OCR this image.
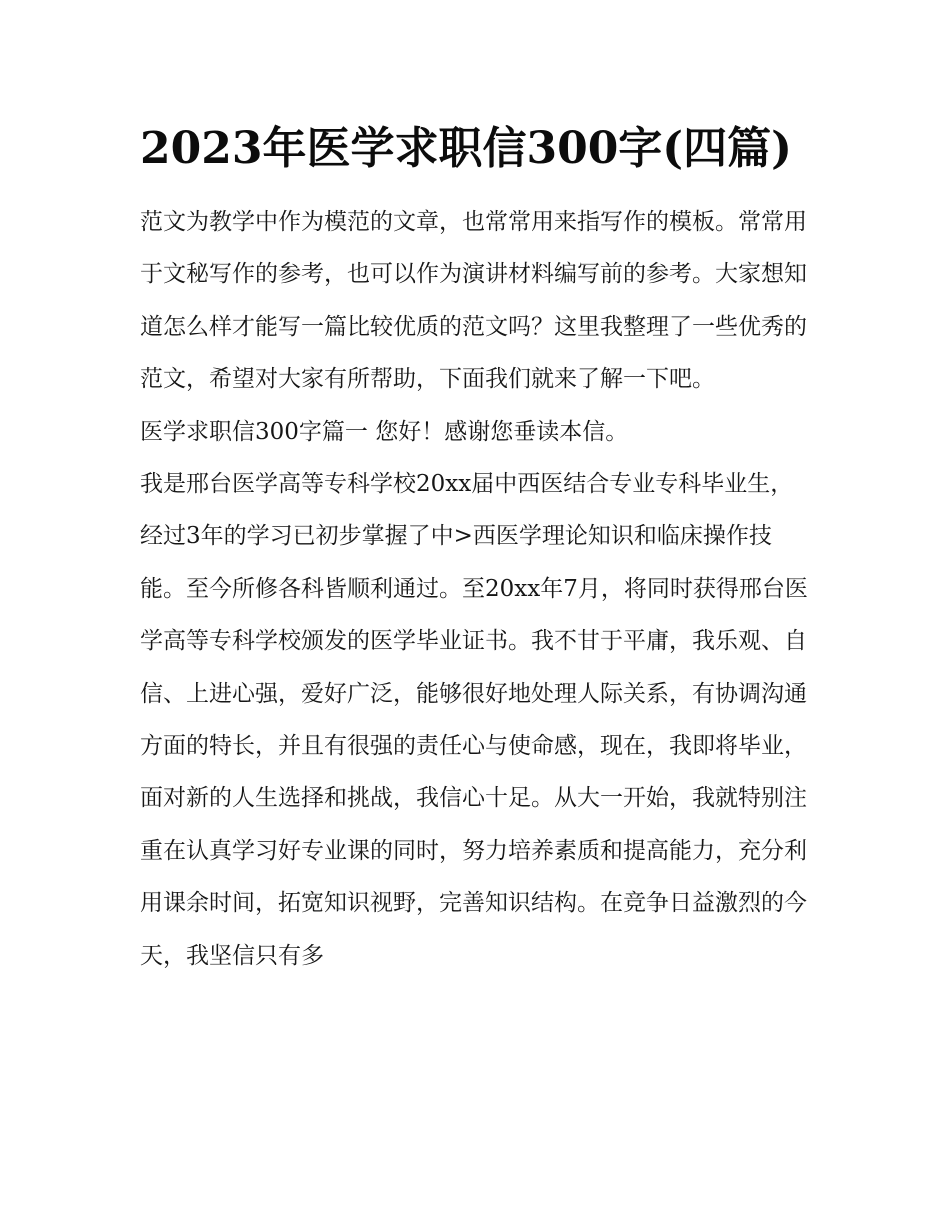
2023年医学求职信300字(四篇)

范文为教学中作为模范的文章，也常常用来指写作的模板。常常用于文秘写作的参考，也可以作为演讲材料编写前的参考。大家想知道怎么样才能写一篇比较优质的范文吗？这里我整理了一些优秀的范文，希望对大家有所帮助，下面我们就来了解一下吧。

医学求职信300字篇一 您好！感谢您垂读本信。

我是邢台医学高等专科学校20xx届中西医结合专业专科毕业生，经过3年的学习已初步掌握了中>西医学理论知识和临床操作技能。至今所修各科皆顺利通过。至20xx年7月，将同时获得邢台医学高等专科学校颁发的医学毕业证书。我不甘于平庸，我乐观、自信、上进心强，爱好广泛，能够很好地处理人际关系，有协调沟通方面的特长，并且有很强的责任心与使命感，现在，我即将毕业，面对新的人生选择和挑战，我信心十足。从大一开始，我就特别注重在认真学习好专业课的同时，努力培养素质和提高能力，充分利用课余时间，拓宽知识视野，完善知识结构。在竞争日益激烈的今天，我坚信只有多
